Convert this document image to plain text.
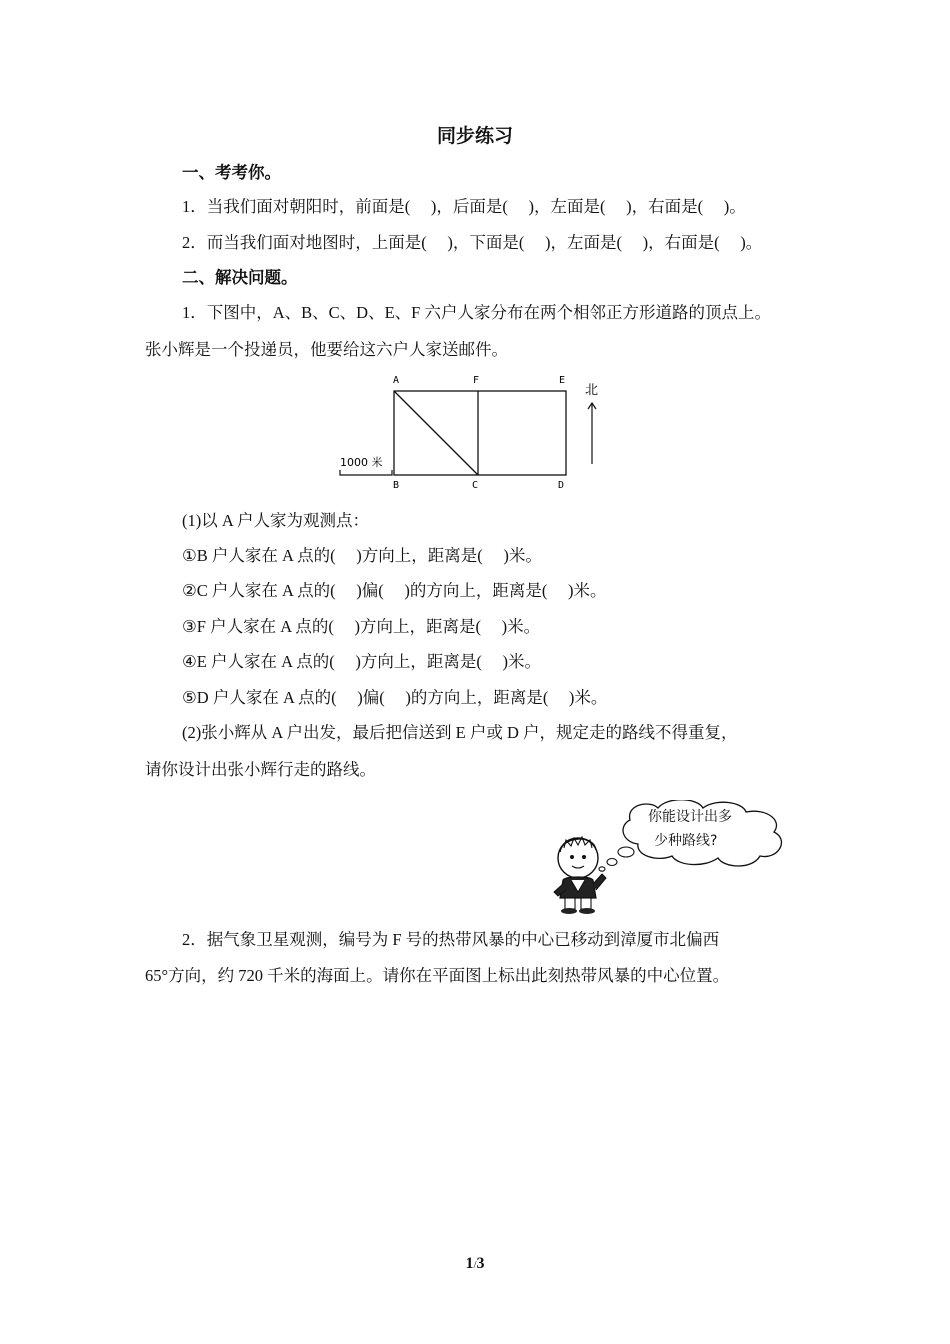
同步练习
一、考考你。
1．当我们面对朝阳时，前面是(　 )，后面是(　 )，左面是(　 )，右面是(　 )。
2．而当我们面对地图时，上面是(　 )，下面是(　 )，左面是(　 )，右面是(　 )。
二、解决问题。
1．下图中，A、B、C、D、E、F 六户人家分布在两个相邻正方形道路的顶点上。
张小辉是一个投递员，他要给这六户人家送邮件。
A	F	E
B	C	D
北
1000 米
(1)以 A 户人家为观测点：
①B 户人家在 A 点的(　 )方向上，距离是(　 )米。
②C 户人家在 A 点的(　 )偏(　 )的方向上，距离是(　 )米。
③F 户人家在 A 点的(　 )方向上，距离是(　 )米。
④E 户人家在 A 点的(　 )方向上，距离是(　 )米。
⑤D 户人家在 A 点的(　 )偏(　 )的方向上，距离是(　 )米。
(2)张小辉从 A 户出发，最后把信送到 E 户或 D 户，规定走的路线不得重复，
请你设计出张小辉行走的路线。
你能设计出多
少种路线?
2．据气象卫星观测，编号为 F 号的热带风暴的中心已移动到漳厦市北偏西
65°方向，约 720 千米的海面上。请你在平面图上标出此刻热带风暴的中心位置。
1/3
